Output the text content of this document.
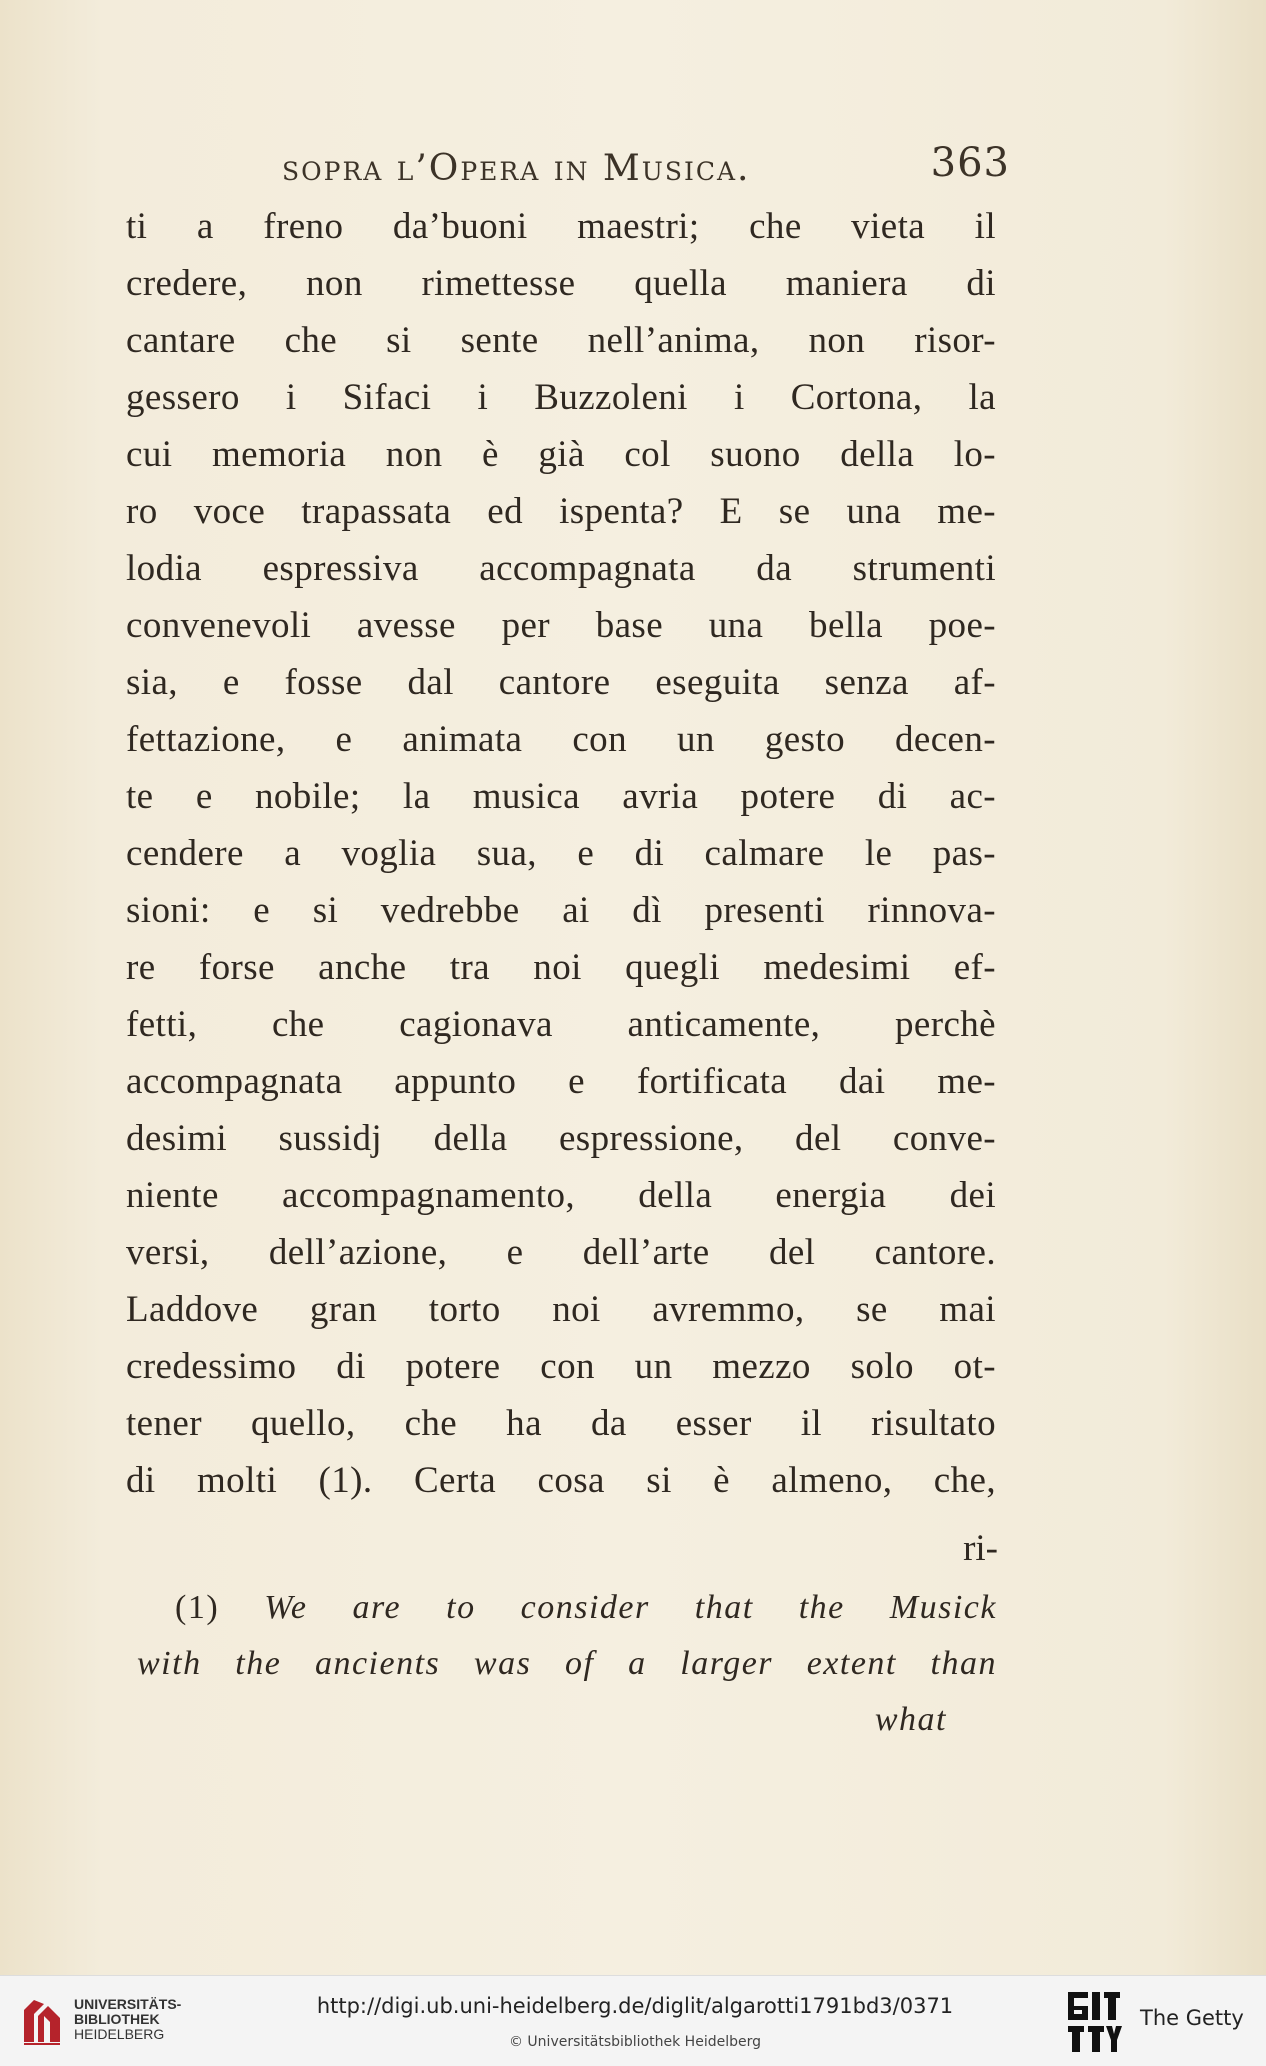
sopra l’Opera in Musica.	363
ti a freno da’buoni maestri; che vieta il
credere, non rimettesse quella maniera di
cantare che si sente nell’anima, non risor-
gessero i Sifaci i Buzzoleni i Cortona, la
cui memoria non è già col suono della lo-
ro voce trapassata ed ispenta? E se una me-
lodia espressiva accompagnata da strumenti
convenevoli avesse per base una bella poe-
sia, e fosse dal cantore eseguita senza af-
fettazione, e animata con un gesto decen-
te e nobile; la musica avria potere di ac-
cendere a voglia sua, e di calmare le pas-
sioni: e si vedrebbe ai dì presenti rinnova-
re forse anche tra noi quegli medesimi ef-
fetti, che cagionava anticamente, perchè
accompagnata appunto e fortificata dai me-
desimi sussidj della espressione, del conve-
niente accompagnamento, della energia dei
versi, dell’azione, e dell’arte del cantore.
Laddove gran torto noi avremmo, se mai
credessimo di potere con un mezzo solo ot-
tener quello, che ha da esser il risultato
di molti (1). Certa cosa si è almeno, che,
ri-
(1) We are to consider that the Musick
with the ancients was of a larger extent than
what
UNIVERSITÄTS-
BIBLIOTHEK
HEIDELBERG
http://digi.ub.uni-heidelberg.de/diglit/algarotti1791bd3/0371
© Universitätsbibliothek Heidelberg
The Getty
